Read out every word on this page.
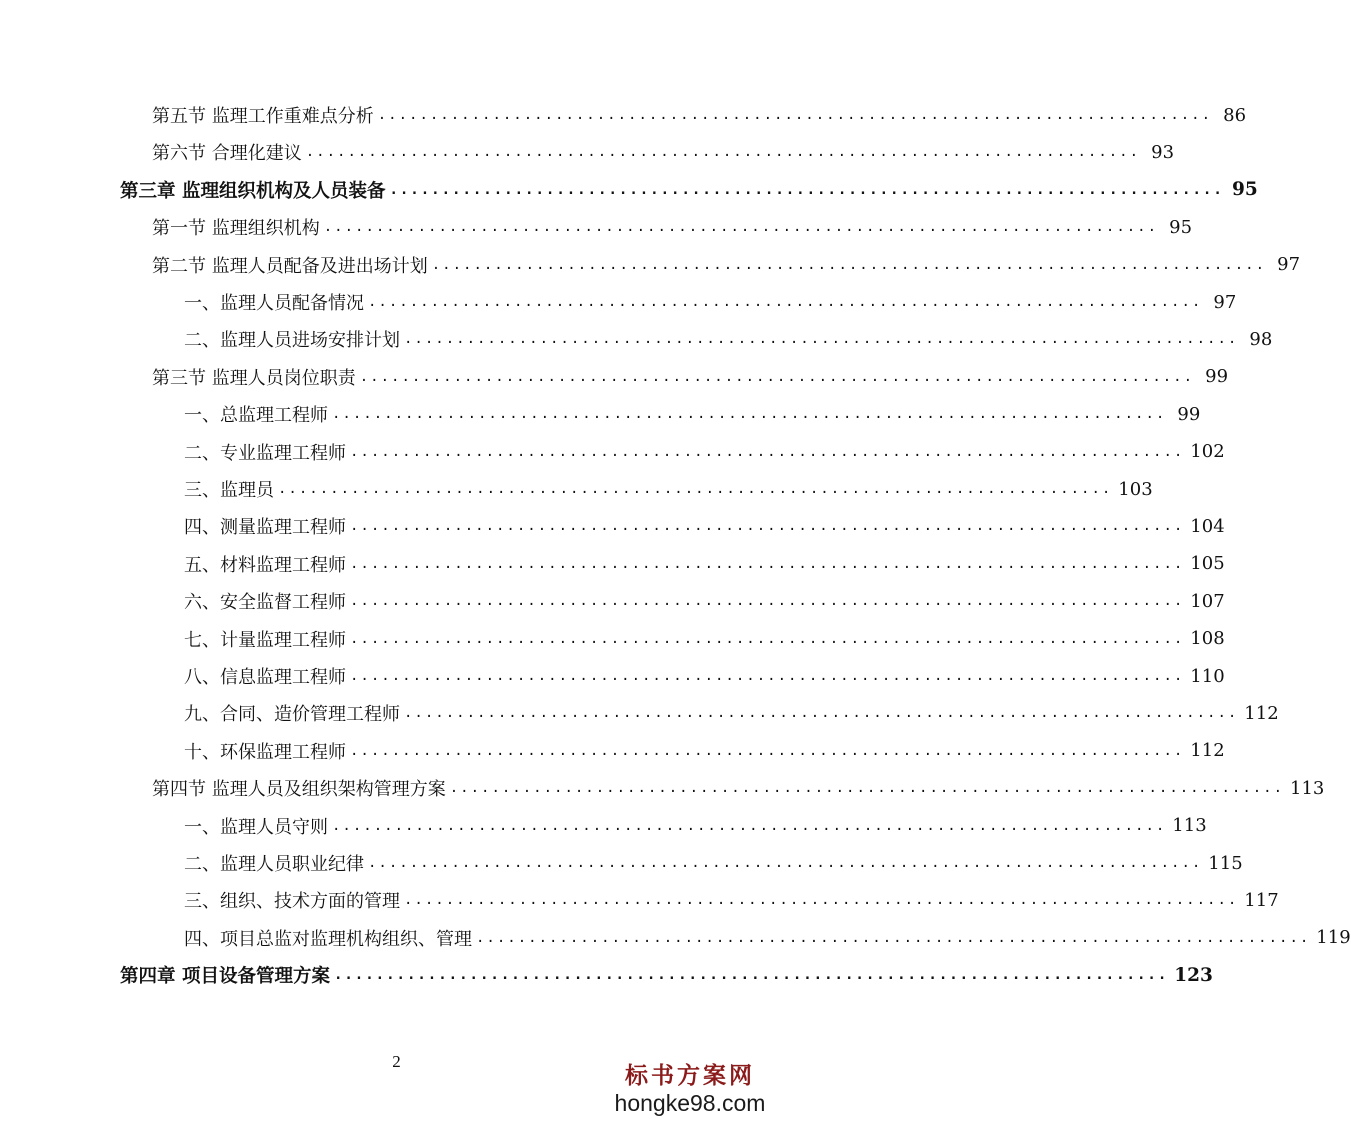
第五节 监理工作重难点分析 ................................................................................ 86
第六节 合理化建议 ................................................................................ 93
第三章 监理组织机构及人员装备 ................................................................................ 95
第一节 监理组织机构 ................................................................................ 95
第二节 监理人员配备及进出场计划 ................................................................................ 97
一、监理人员配备情况 ................................................................................ 97
二、监理人员进场安排计划 ................................................................................ 98
第三节 监理人员岗位职责 ................................................................................ 99
一、总监理工程师 ................................................................................ 99
二、专业监理工程师 ................................................................................ 102
三、监理员 ................................................................................ 103
四、测量监理工程师 ................................................................................ 104
五、材料监理工程师 ................................................................................ 105
六、安全监督工程师 ................................................................................ 107
七、计量监理工程师 ................................................................................ 108
八、信息监理工程师 ................................................................................ 110
九、合同、造价管理工程师 ................................................................................ 112
十、环保监理工程师 ................................................................................ 112
第四节 监理人员及组织架构管理方案 ................................................................................ 113
一、监理人员守则 ................................................................................ 113
二、监理人员职业纪律 ................................................................................ 115
三、组织、技术方面的管理 ................................................................................ 117
四、项目总监对监理机构组织、管理 ................................................................................ 119
第四章 项目设备管理方案 ................................................................................ 123
2
标书方案网
hongke98.com
